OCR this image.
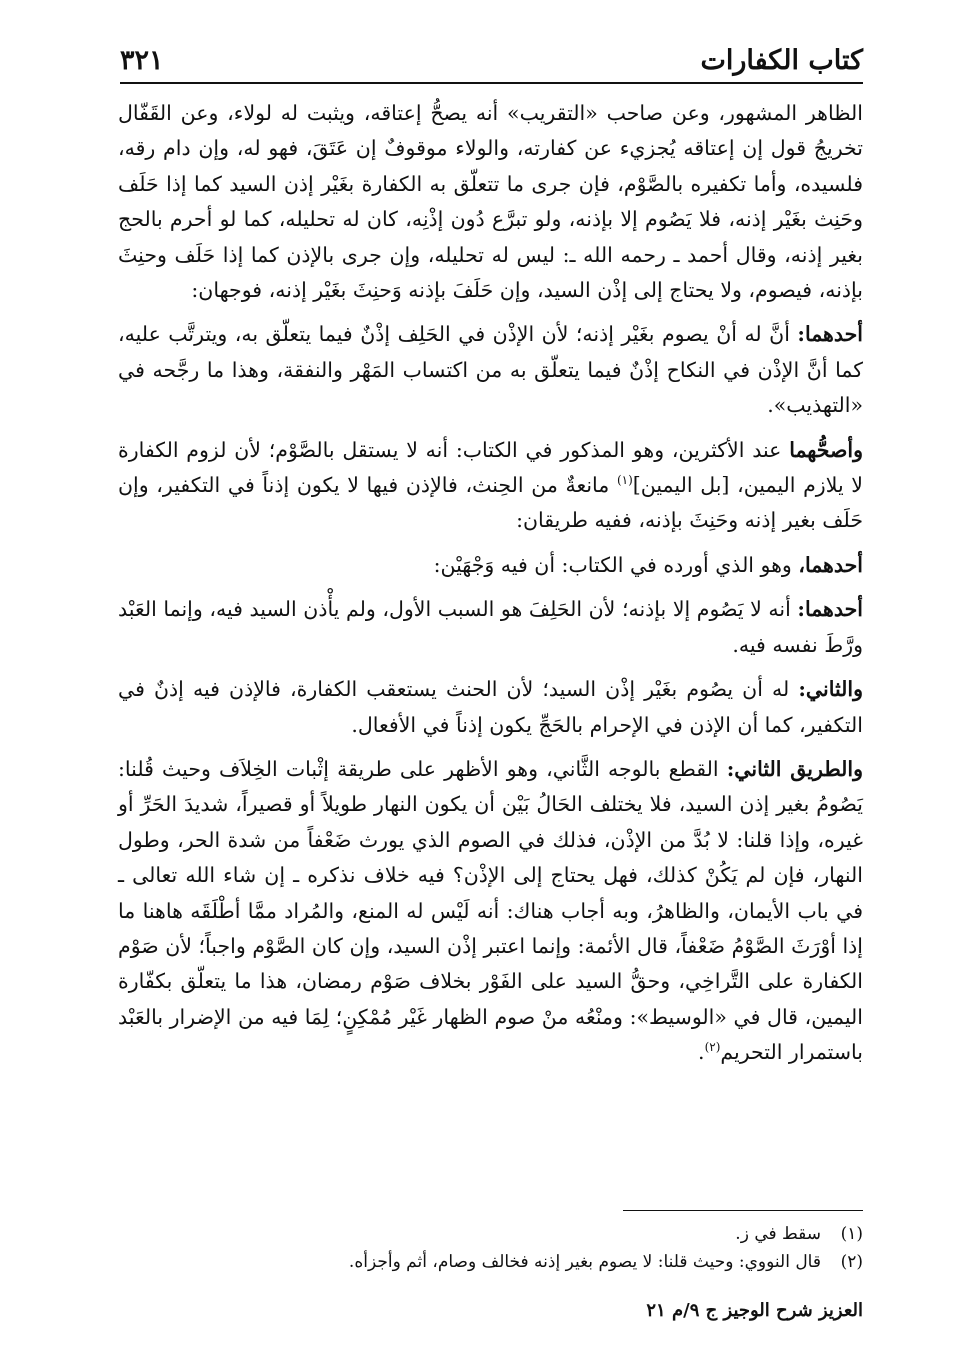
كتاب الكفارات
٣٢١

الظاهر المشهور، وعن صاحب «التقريب» أنه يصحُّ إعتاقه، ويثبت له لولاء، وعن القَفّال تخريجُ قول إن إعتاقه يُجزيء عن كفارته، والولاء موقوفٌ إن عَتَقَ، فهو له، وإن دام رقه، فلسيده، وأما تكفيره بالصَّوْم، فإن جرى ما تتعلّق به الكفارة بغَيْر إذن السيد كما إذا حَلَف وحَنِث بغَيْر إذنه، فلا يَصُوم إلا بإذنه، ولو تبرَّع دُون إذْنِه، كان له تحليله، كما لو أحرم بالحج بغير إذنه، وقال أحمد ـ رحمه الله ـ: ليس له تحليله، وإن جرى بالإذن كما إذا حَلَف وحنِثَ بإذنه، فيصوم، ولا يحتاج إلى إذْن السيد، وإن حَلَفَ بإذنه وَحنِثَ بغَيْر إذنه، فوجهان:

أحدهما: أنَّ له أنْ يصوم بغَيْر إذنه؛ لأن الإذْن في الحَلِف إذْنٌ فيما يتعلّق به، ويترتَّب عليه، كما أنَّ الإذْن في النكاح إذْنٌ فيما يتعلّق به من اكتساب المَهْر والنفقة، وهذا ما رجَّحه في «التهذيب».

وأصحُّهما عند الأكثرين، وهو المذكور في الكتاب: أنه لا يستقل بالصَّوْم؛ لأن لزوم الكفارة لا يلازم اليمين، [بل اليمين]$^{(١)}$ مانعةٌ من الحِنث، فالإذن فيها لا يكون إذناً في التكفير، وإن حَلَف بغير إذنه وحَنِثَ بإذنه، ففيه طريقان:

أحدهما، وهو الذي أورده في الكتاب: أن فيه وَجْهَيْن:

أحدهما: أنه لا يَصُوم إلا بإذنه؛ لأن الحَلِفَ هو السبب الأول، ولم يأْذن السيد فيه، وإنما العَبْد ورَّطَ نفسه فيه.

والثاني: له أن يصُوم بغَيْر إذْن السيد؛ لأن الحنث يستعقب الكفارة، فالإذن فيه إذنٌ في التكفير، كما أن الإذن في الإحرام بالحَجِّ يكون إذناً في الأفعال.

والطريق الثاني: القطع بالوجه الثَّاني، وهو الأظهر على طريقة إثْبات الخِلاَف وحيث قُلنا: يَصُومُ بغير إذن السيد، فلا يختلف الحَالُ بَيْن أن يكون النهار طويلاً أو قصيراً، شديدَ الحَرِّ أو غيره، وإذا قلنا: لا بُدَّ من الإذْن، فذلك في الصوم الذي يورث ضَعْفاً من شدة الحر، وطول النهار، فإن لم يَكُنْ كذلك، فهل يحتاج إلى الإذْن؟ فيه خلاف نذكره ـ إن شاء الله تعالى ـ في باب الأيمان، والظاهرُ، وبه أجاب هناك: أنه لَيْس له المنع، والمُراد ممَّا أطْلَقَه هاهنا ما إذا أوْرَثَ الصَّوْمُ ضَعْفاً، قال الأئمة: وإنما اعتبر إذْن السيد، وإن كان الصَّوْم واجباً؛ لأن صَوْم الكفارة على التَّراخِي، وحقُّ السيد على الفَوْر بخلاف صَوْم رمضان، هذا ما يتعلّق بكفّارة اليمين، قال في «الوسيط»: ومنْعُه منْ صوم الظهار غَيْر مُمْكِنٍ؛ لِمَا فيه من الإضرار بالعَبْد باستمرار التحريم$^{(٢)}$.

(١)
سقط في ز.
(٢)
قال النووي: وحيث قلنا: لا يصوم بغير إذنه فخالف وصام، أثم وأجزأه.
العزيز شرح الوجيز ج ٩/م ٢١
